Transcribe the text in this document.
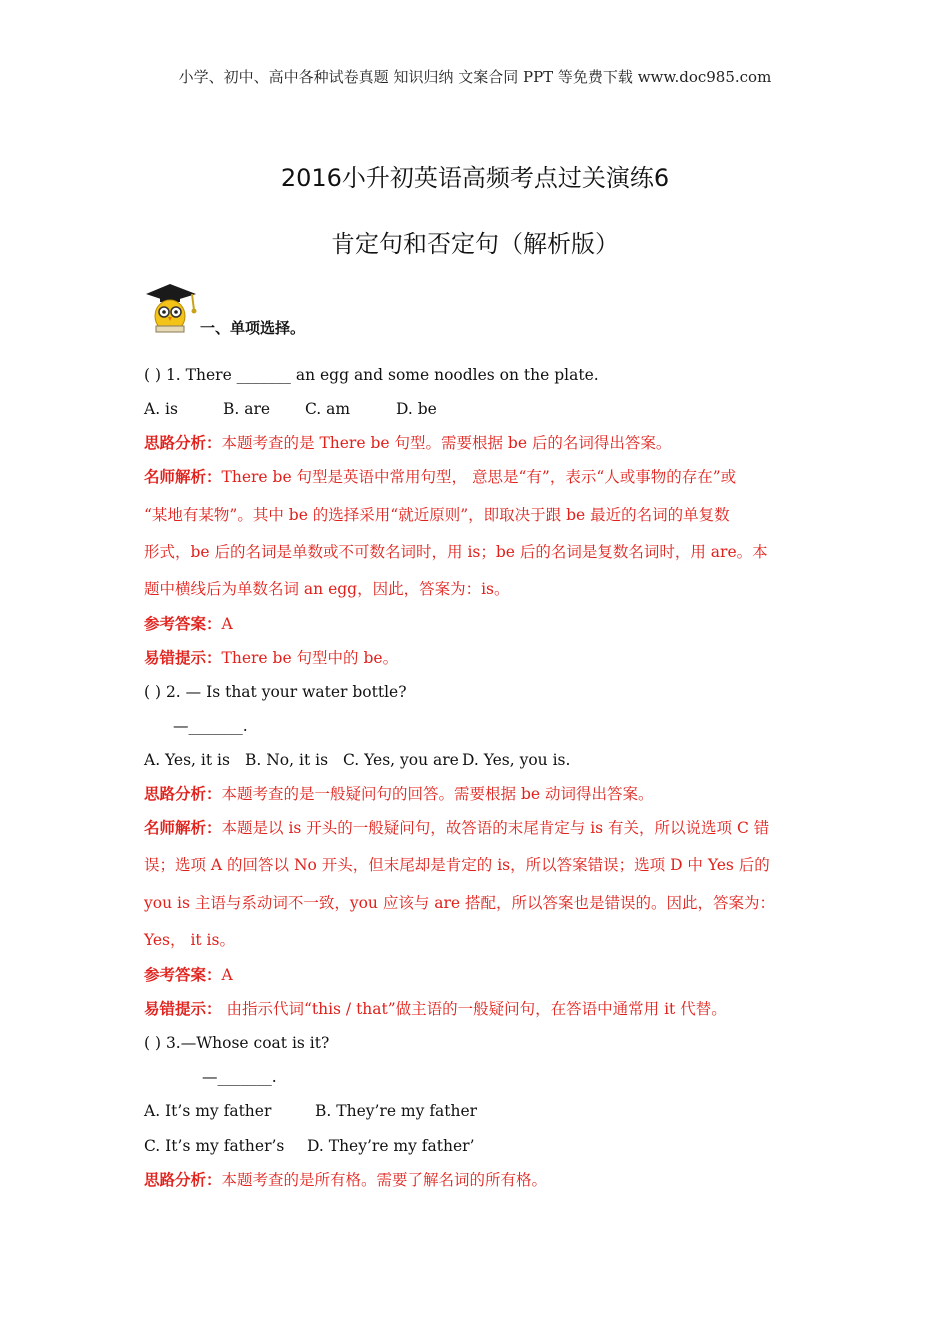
小学、初中、高中各种试卷真题 知识归纳 文案合同 PPT 等免费下载 www.doc985.com
2016小升初英语高频考点过关演练6
肯定句和否定句（解析版）
一、单项选择。
( ) 1. There _______ an egg and some noodles on the plate.
A. is	B. are C. am	D. be
思路分析：本题考查的是 There be 句型。需要根据 be 后的名词得出答案。
名师解析：There be 句型是英语中常用句型， 意思是“有”，表示“人或事物的存在”或
“某地有某物”。其中 be 的选择采用“就近原则”，即取决于跟 be 最近的名词的单复数
形式，be 后的名词是单数或不可数名词时，用 is；be 后的名词是复数名词时，用 are。本
题中横线后为单数名词 an egg，因此，答案为：is。
参考答案：A
易错提示：There be 句型中的 be。
( ) 2. — Is that your water bottle?
—_______.
A. Yes, it is B. No, it is C. Yes, you are D. Yes, you is.
思路分析：本题考查的是一般疑问句的回答。需要根据 be 动词得出答案。
名师解析：本题是以 is 开头的一般疑问句，故答语的末尾肯定与 is 有关，所以说选项 C 错
误；选项 A 的回答以 No 开头，但末尾却是肯定的 is，所以答案错误；选项 D 中 Yes 后的
you is 主语与系动词不一致，you 应该与 are 搭配，所以答案也是错误的。因此，答案为：
Yes， it is。
参考答案：A
易错提示： 由指示代词“this / that”做主语的一般疑问句，在答语中通常用 it 代替。
( ) 3.—Whose coat is it?
—_______.
A. It’s my father	B. They’re my father
C. It’s my father’s D. They’re my father’
思路分析：本题考查的是所有格。需要了解名词的所有格。
